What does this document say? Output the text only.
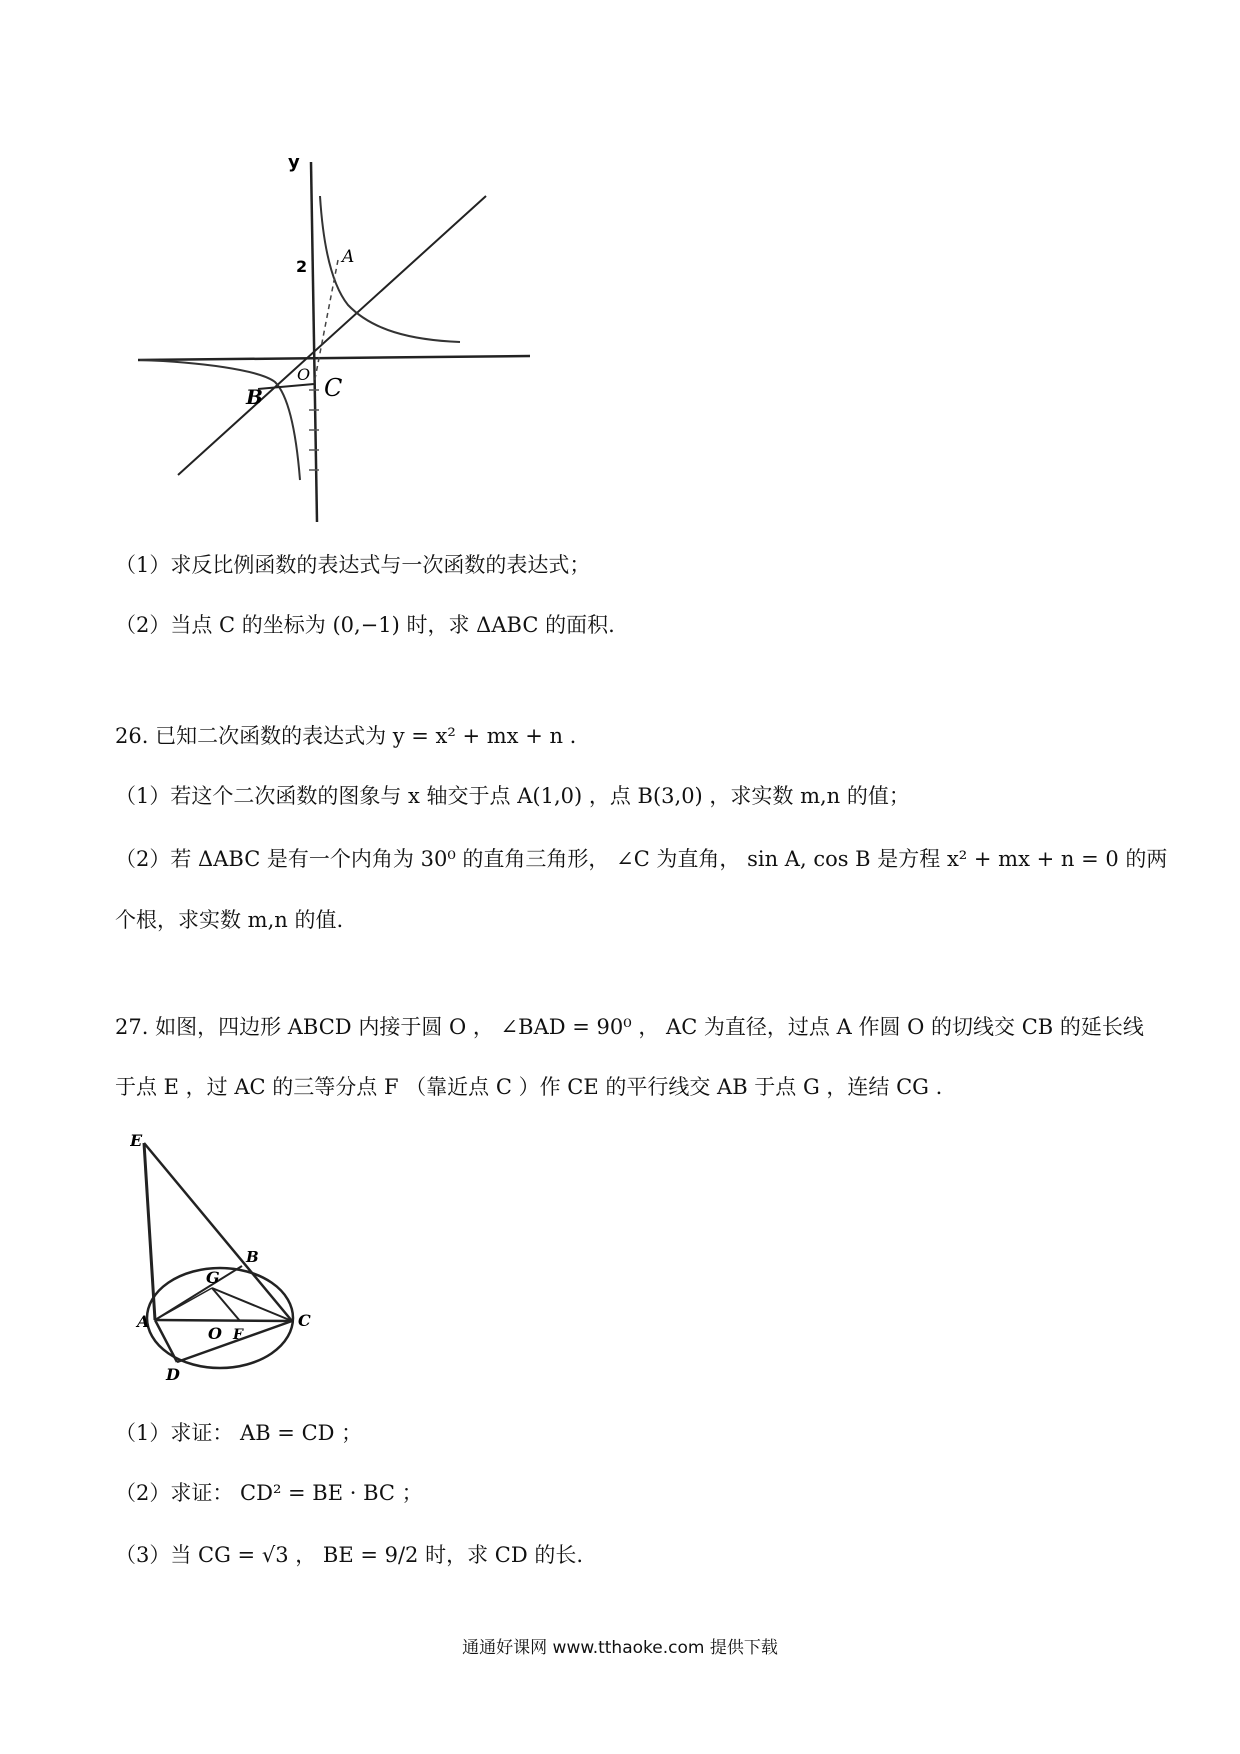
y
2 A
B	C
O
（1）求反比例函数的表达式与一次函数的表达式；
（2）当点 C 的坐标为 (0,−1) 时，求 ΔABC 的面积.
26. 已知二次函数的表达式为 y = x² + mx + n .
（1）若这个二次函数的图象与 x 轴交于点 A(1,0) ，点 B(3,0) ，求实数 m,n 的值；
（2）若 ΔABC 是有一个内角为 30⁰ 的直角三角形， ∠C 为直角， sin A, cos B 是方程 x² + mx + n = 0 的两
个根，求实数 m,n 的值.
27. 如图，四边形 ABCD 内接于圆 O ， ∠BAD = 90⁰ ， AC 为直径，过点 A 作圆 O 的切线交 CB 的延长线
于点 E ，过 AC 的三等分点 F （靠近点 C ）作 CE 的平行线交 AB 于点 G ，连结 CG .
E
B
G
A
O F
C
D
（1）求证： AB = CD ；
（2）求证： CD² = BE · BC ；
（3）当 CG = √3 ， BE = 9/2 时，求 CD 的长.
通通好课网 www.tthaoke.com 提供下载
